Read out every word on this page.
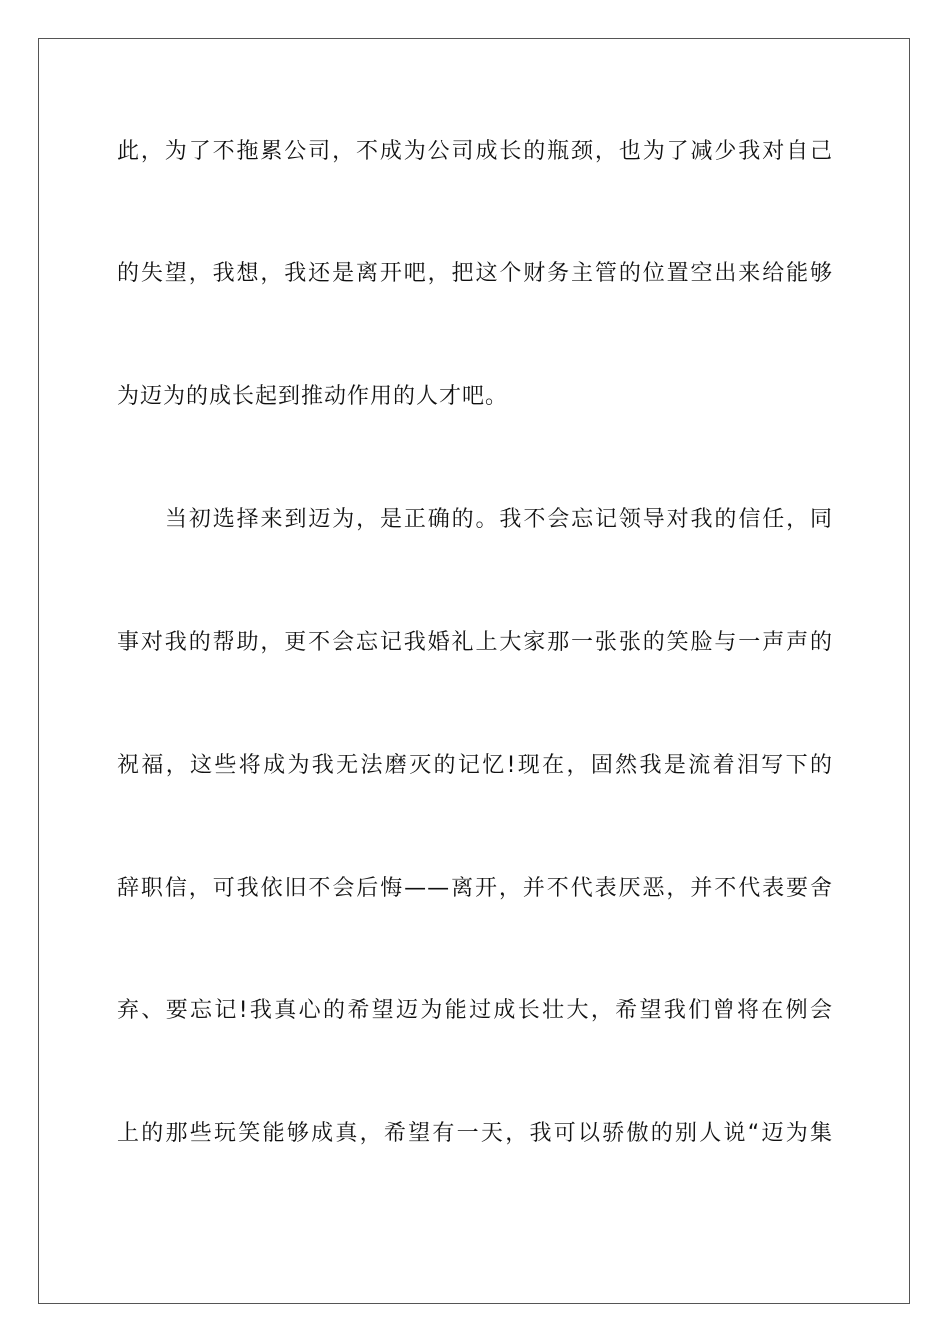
此，为了不拖累公司，不成为公司成长的瓶颈，也为了减少我对自己
的失望，我想，我还是离开吧，把这个财务主管的位置空出来给能够
为迈为的成长起到推动作用的人才吧。
当初选择来到迈为，是正确的。我不会忘记领导对我的信任，同
事对我的帮助，更不会忘记我婚礼上大家那一张张的笑脸与一声声的
祝福，这些将成为我无法磨灭的记忆!现在，固然我是流着泪写下的
辞职信，可我依旧不会后悔——离开，并不代表厌恶，并不代表要舍
弃、要忘记!我真心的希望迈为能过成长壮大，希望我们曾将在例会
上的那些玩笑能够成真，希望有一天，我可以骄傲的别人说“迈为集
